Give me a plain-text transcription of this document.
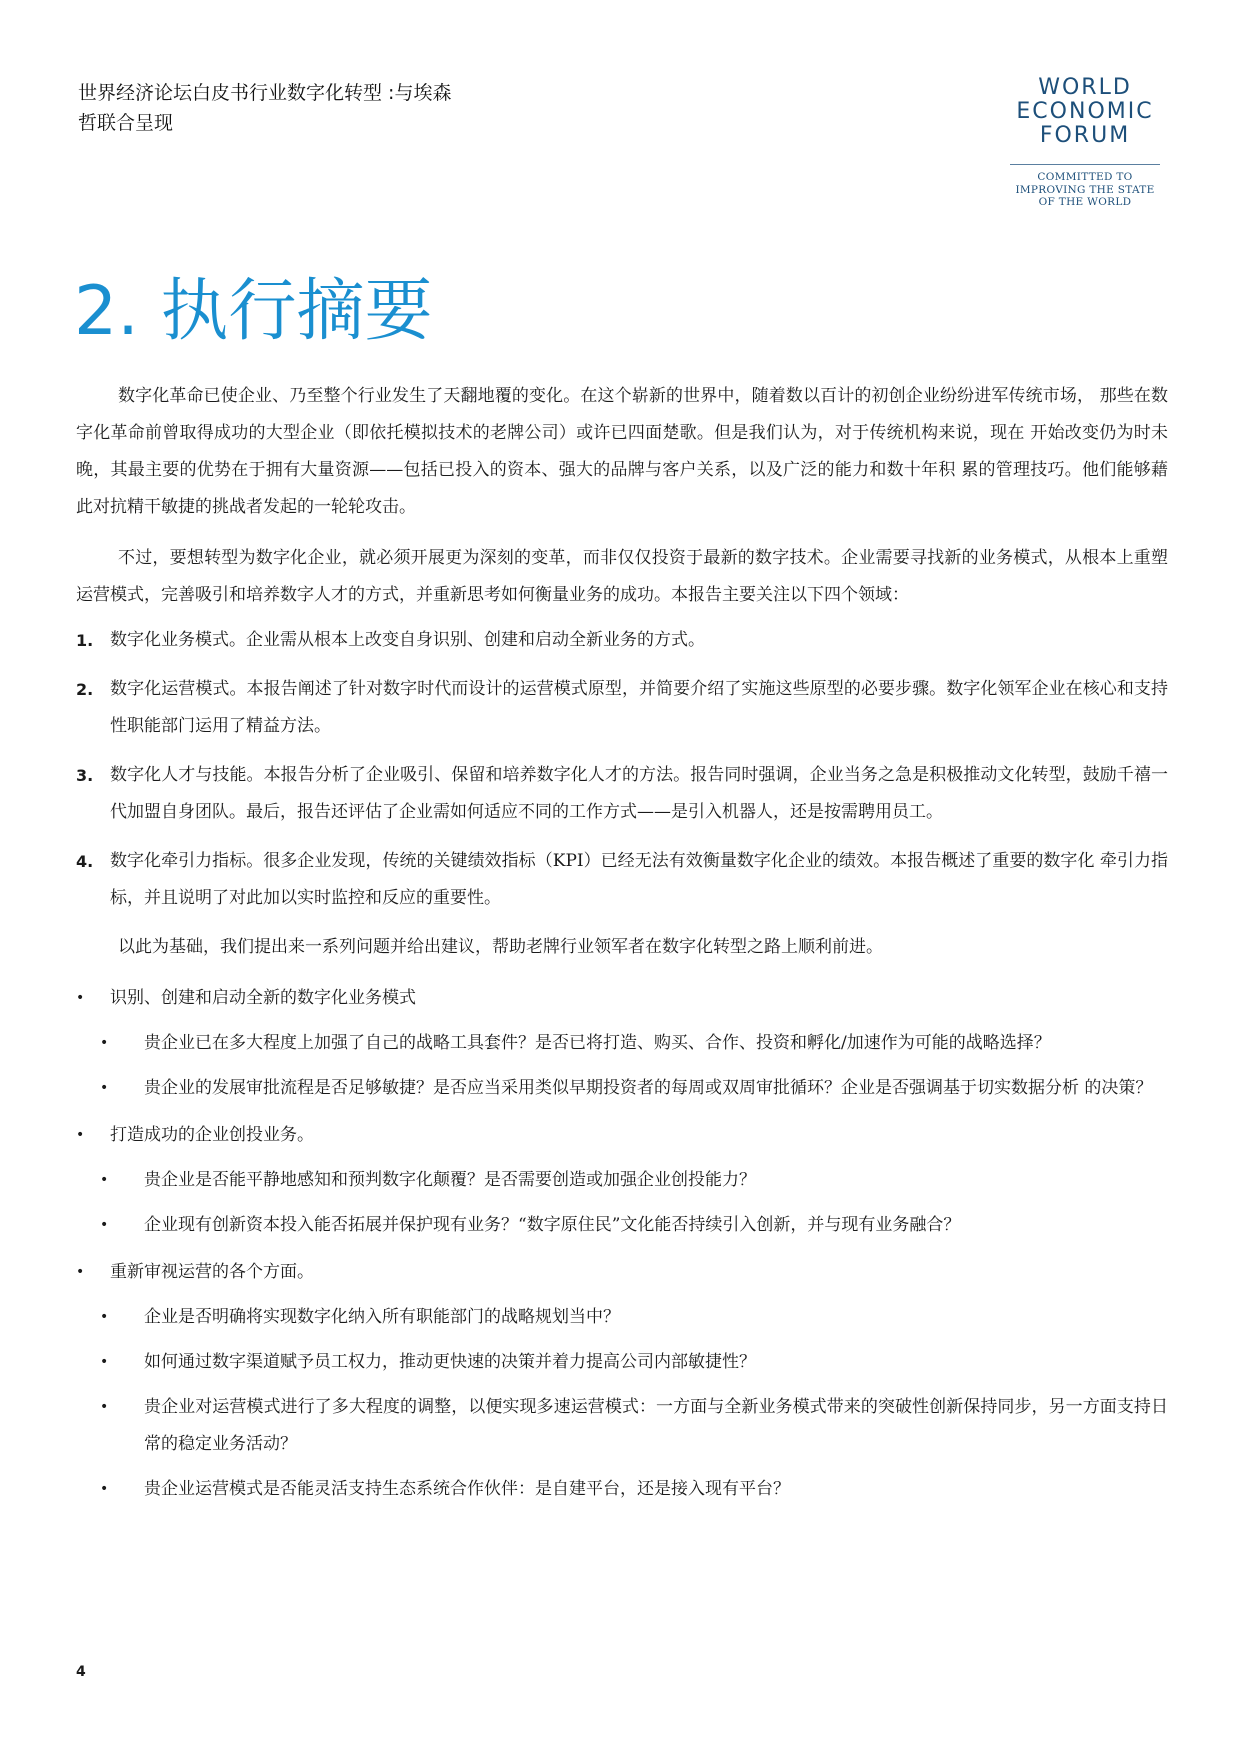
世界经济论坛白皮书行业数字化转型 :与埃森哲联合呈现
WORLD
ECONOMIC
FORUM
COMMITTED TO
IMPROVING THE STATE
OF THE WORLD
2. 执行摘要

数字化革命已使企业、乃至整个行业发生了天翻地覆的变化。在这个崭新的世界中，随着数以百计的初创企业纷纷进军传统市场， 那些在数字化革命前曾取得成功的大型企业（即依托模拟技术的老牌公司）或许已四面楚歌。但是我们认为，对于传统机构来说，现在 开始改变仍为时未晚，其最主要的优势在于拥有大量资源——包括已投入的资本、强大的品牌与客户关系，以及广泛的能力和数十年积 累的管理技巧。他们能够藉此对抗精干敏捷的挑战者发起的一轮轮攻击。

不过，要想转型为数字化企业，就必须开展更为深刻的变革，而非仅仅投资于最新的数字技术。企业需要寻找新的业务模式，从根本上重塑运营模式，完善吸引和培养数字人才的方式，并重新思考如何衡量业务的成功。本报告主要关注以下四个领域：

1. 数字化业务模式。企业需从根本上改变自身识别、创建和启动全新业务的方式。
2. 数字化运营模式。本报告阐述了针对数字时代而设计的运营模式原型，并简要介绍了实施这些原型的必要步骤。数字化领军企业在核心和支持性职能部门运用了精益方法。
3. 数字化人才与技能。本报告分析了企业吸引、保留和培养数字化人才的方法。报告同时强调，企业当务之急是积极推动文化转型，鼓励千禧一代加盟自身团队。最后，报告还评估了企业需如何适应不同的工作方式——是引入机器人，还是按需聘用员工。
4. 数字化牵引力指标。很多企业发现，传统的关键绩效指标（KPI）已经无法有效衡量数字化企业的绩效。本报告概述了重要的数字化 牵引力指标，并且说明了对此加以实时监控和反应的重要性。

以此为基础，我们提出来一系列问题并给出建议，帮助老牌行业领军者在数字化转型之路上顺利前进。

• 识别、创建和启动全新的数字化业务模式
• 贵企业已在多大程度上加强了自己的战略工具套件？是否已将打造、购买、合作、投资和孵化/加速作为可能的战略选择？
• 贵企业的发展审批流程是否足够敏捷？是否应当采用类似早期投资者的每周或双周审批循环？企业是否强调基于切实数据分析 的决策？
• 打造成功的企业创投业务。
• 贵企业是否能平静地感知和预判数字化颠覆？是否需要创造或加强企业创投能力？
• 企业现有创新资本投入能否拓展并保护现有业务？“数字原住民”文化能否持续引入创新，并与现有业务融合？
• 重新审视运营的各个方面。
• 企业是否明确将实现数字化纳入所有职能部门的战略规划当中？
• 如何通过数字渠道赋予员工权力，推动更快速的决策并着力提高公司内部敏捷性？
• 贵企业对运营模式进行了多大程度的调整，以便实现多速运营模式：一方面与全新业务模式带来的突破性创新保持同步，另一方面支持日常的稳定业务活动？
• 贵企业运营模式是否能灵活支持生态系统合作伙伴：是自建平台，还是接入现有平台？
4
